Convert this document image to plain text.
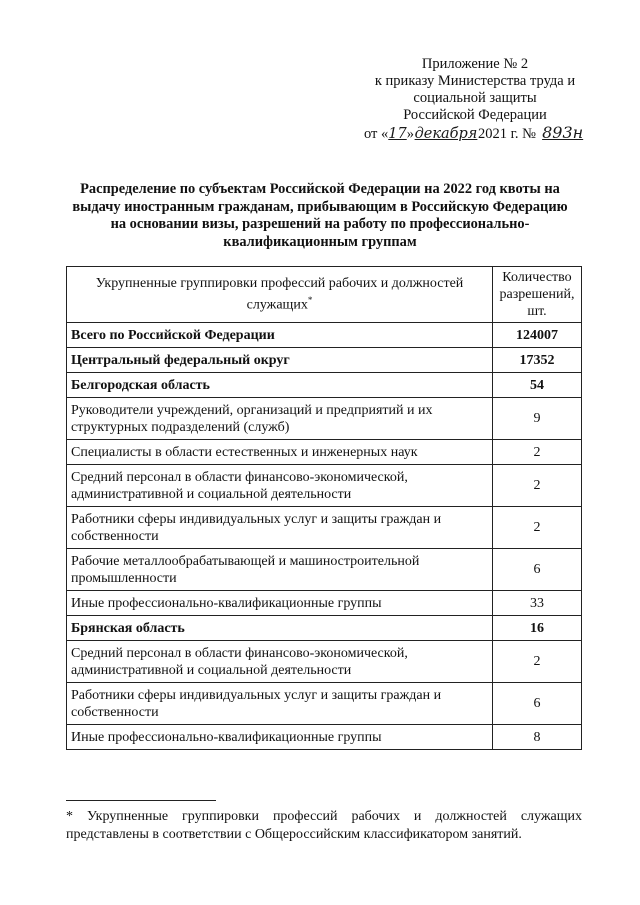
Приложение № 2
к приказу Министерства труда и
социальной защиты
Российской Федерации
от «17»декабря2021 г. № 893н
Распределение по субъектам Российской Федерации на 2022 год квоты на выдачу иностранным гражданам, прибывающим в Российскую Федерацию на основании визы, разрешений на работу по профессионально-квалификационным группам
Укрупненные группировки профессий рабочих и должностей служащих*	Количество разрешений, шт.
Всего по Российской Федерации	124007
Центральный федеральный округ	17352
Белгородская область	54
Руководители учреждений, организаций и предприятий и их структурных подразделений (служб)	9
Специалисты в области естественных и инженерных наук	2
Средний персонал в области финансово-экономической, административной и социальной деятельности	2
Работники сферы индивидуальных услуг и защиты граждан и собственности	2
Рабочие металлообрабатывающей и машиностроительной промышленности	6
Иные профессионально-квалификационные группы	33
Брянская область	16
Средний персонал в области финансово-экономической, административной и социальной деятельности	2
Работники сферы индивидуальных услуг и защиты граждан и собственности	6
Иные профессионально-квалификационные группы	8
* Укрупненные группировки профессий рабочих и должностей служащих
представлены в соответствии с Общероссийским классификатором занятий.
